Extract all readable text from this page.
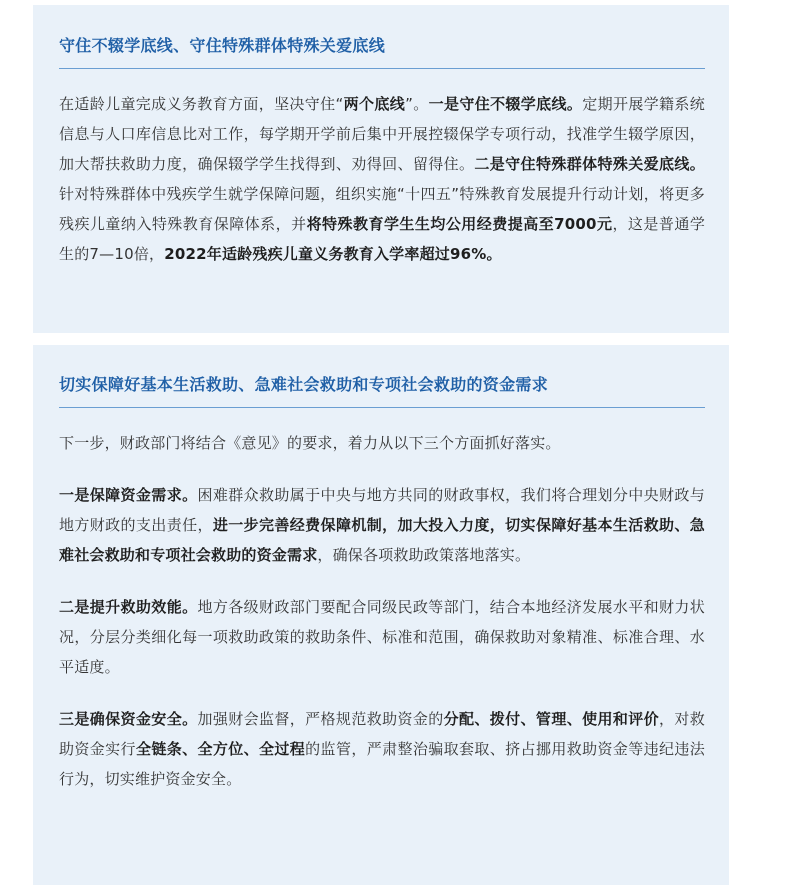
守住不辍学底线、守住特殊群体特殊关爱底线

在适龄儿童完成义务教育方面，坚决守住“两个底线”。一是守住不辍学底线。定期开展学籍系统信息与人口库信息比对工作，每学期开学前后集中开展控辍保学专项行动，找准学生辍学原因，加大帮扶救助力度，确保辍学学生找得到、劝得回、留得住。二是守住特殊群体特殊关爱底线。针对特殊群体中残疾学生就学保障问题，组织实施“十四五”特殊教育发展提升行动计划，将更多残疾儿童纳入特殊教育保障体系，并将特殊教育学生生均公用经费提高至7000元，这是普通学生的7—10倍，2022年适龄残疾儿童义务教育入学率超过96%。

切实保障好基本生活救助、急难社会救助和专项社会救助的资金需求

下一步，财政部门将结合《意见》的要求，着力从以下三个方面抓好落实。

一是保障资金需求。困难群众救助属于中央与地方共同的财政事权，我们将合理划分中央财政与地方财政的支出责任，进一步完善经费保障机制，加大投入力度，切实保障好基本生活救助、急难社会救助和专项社会救助的资金需求，确保各项救助政策落地落实。

二是提升救助效能。地方各级财政部门要配合同级民政等部门，结合本地经济发展水平和财力状况，分层分类细化每一项救助政策的救助条件、标准和范围，确保救助对象精准、标准合理、水平适度。

三是确保资金安全。加强财会监督，严格规范救助资金的分配、拨付、管理、使用和评价，对救助资金实行全链条、全方位、全过程的监管，严肃整治骗取套取、挤占挪用救助资金等违纪违法行为，切实维护资金安全。
